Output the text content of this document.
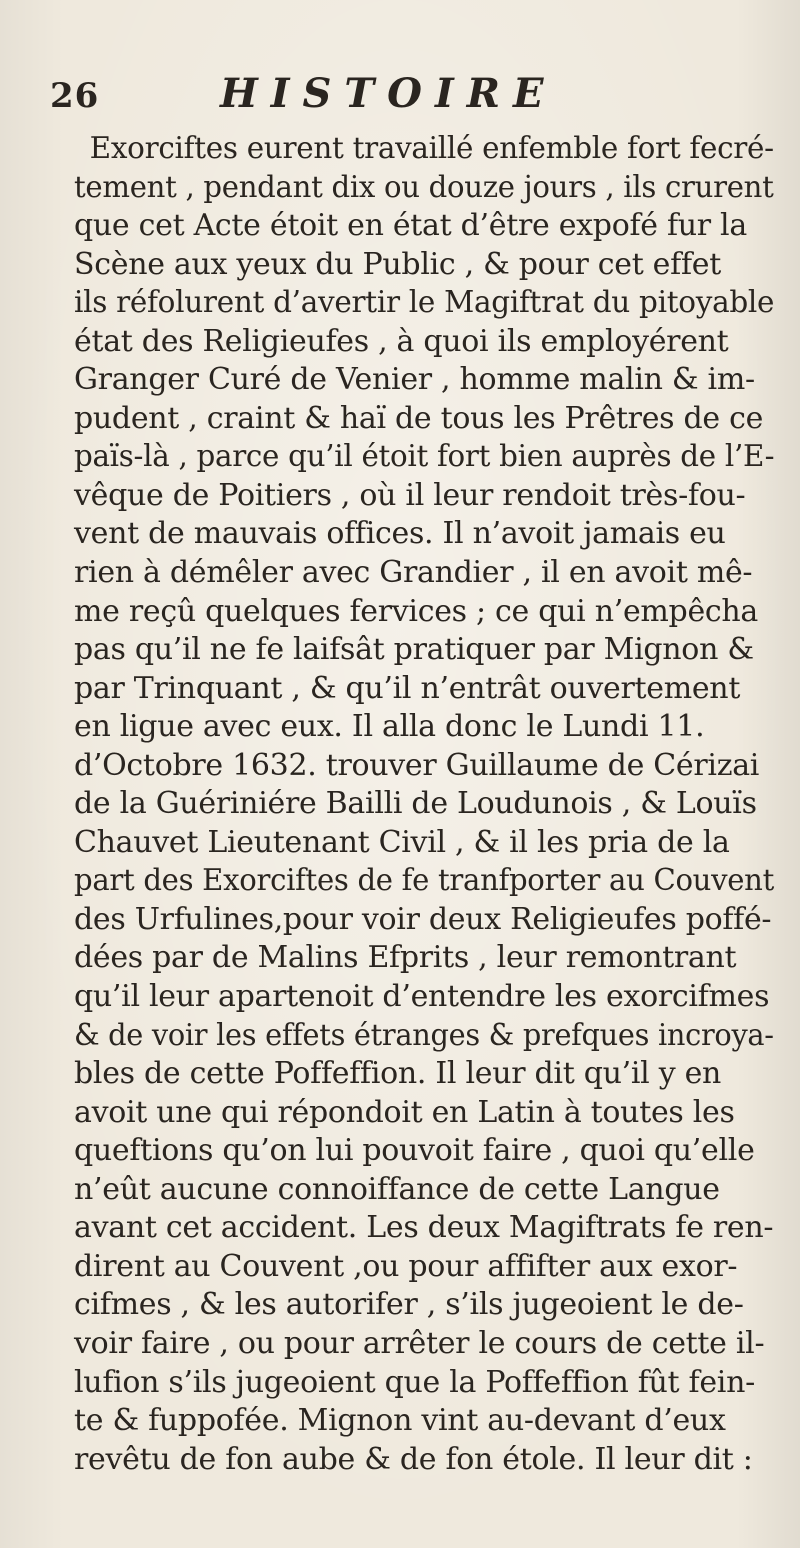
26	HISTOIRE
Exorciftes eurent travaillé enfemble fort fecré-
tement , pendant dix ou douze jours , ils crurent
que cet Acte étoit en état d’être expofé fur la
Scène aux yeux du Public , & pour cet effet
ils réfolurent d’avertir le Magiftrat du pitoyable
état des Religieufes , à quoi ils employérent
Granger Curé de Venier , homme malin & im-
pudent , craint & haï de tous les Prêtres de ce
païs-là , parce qu’il étoit fort bien auprès de l’E-
vêque de Poitiers , où il leur rendoit très-fou-
vent de mauvais offices. Il n’avoit jamais eu
rien à démêler avec Grandier , il en avoit mê-
me reçû quelques fervices ; ce qui n’empêcha
pas qu’il ne fe laifsât pratiquer par Mignon &
par Trinquant , & qu’il n’entrât ouvertement
en ligue avec eux. Il alla donc le Lundi 11.
d’Octobre 1632. trouver Guillaume de Cérizai
de la Guériniére Bailli de Loudunois , & Louïs
Chauvet Lieutenant Civil , & il les pria de la
part des Exorciftes de fe tranfporter au Couvent
des Urfulines,pour voir deux Religieufes poffé-
dées par de Malins Efprits , leur remontrant
qu’il leur apartenoit d’entendre les exorcifmes
& de voir les effets étranges & prefques incroya-
bles de cette Poffeffion. Il leur dit qu’il y en
avoit une qui répondoit en Latin à toutes les
queftions qu’on lui pouvoit faire , quoi qu’elle
n’eût aucune connoiffance de cette Langue
avant cet accident. Les deux Magiftrats fe ren-
dirent au Couvent ,ou pour affifter aux exor-
cifmes , & les autorifer , s’ils jugeoient le de-
voir faire , ou pour arrêter le cours de cette il-
lufion s’ils jugeoient que la Poffeffion fût fein-
te & fuppofée. Mignon vint au-devant d’eux
revêtu de fon aube & de fon étole. Il leur dit :
